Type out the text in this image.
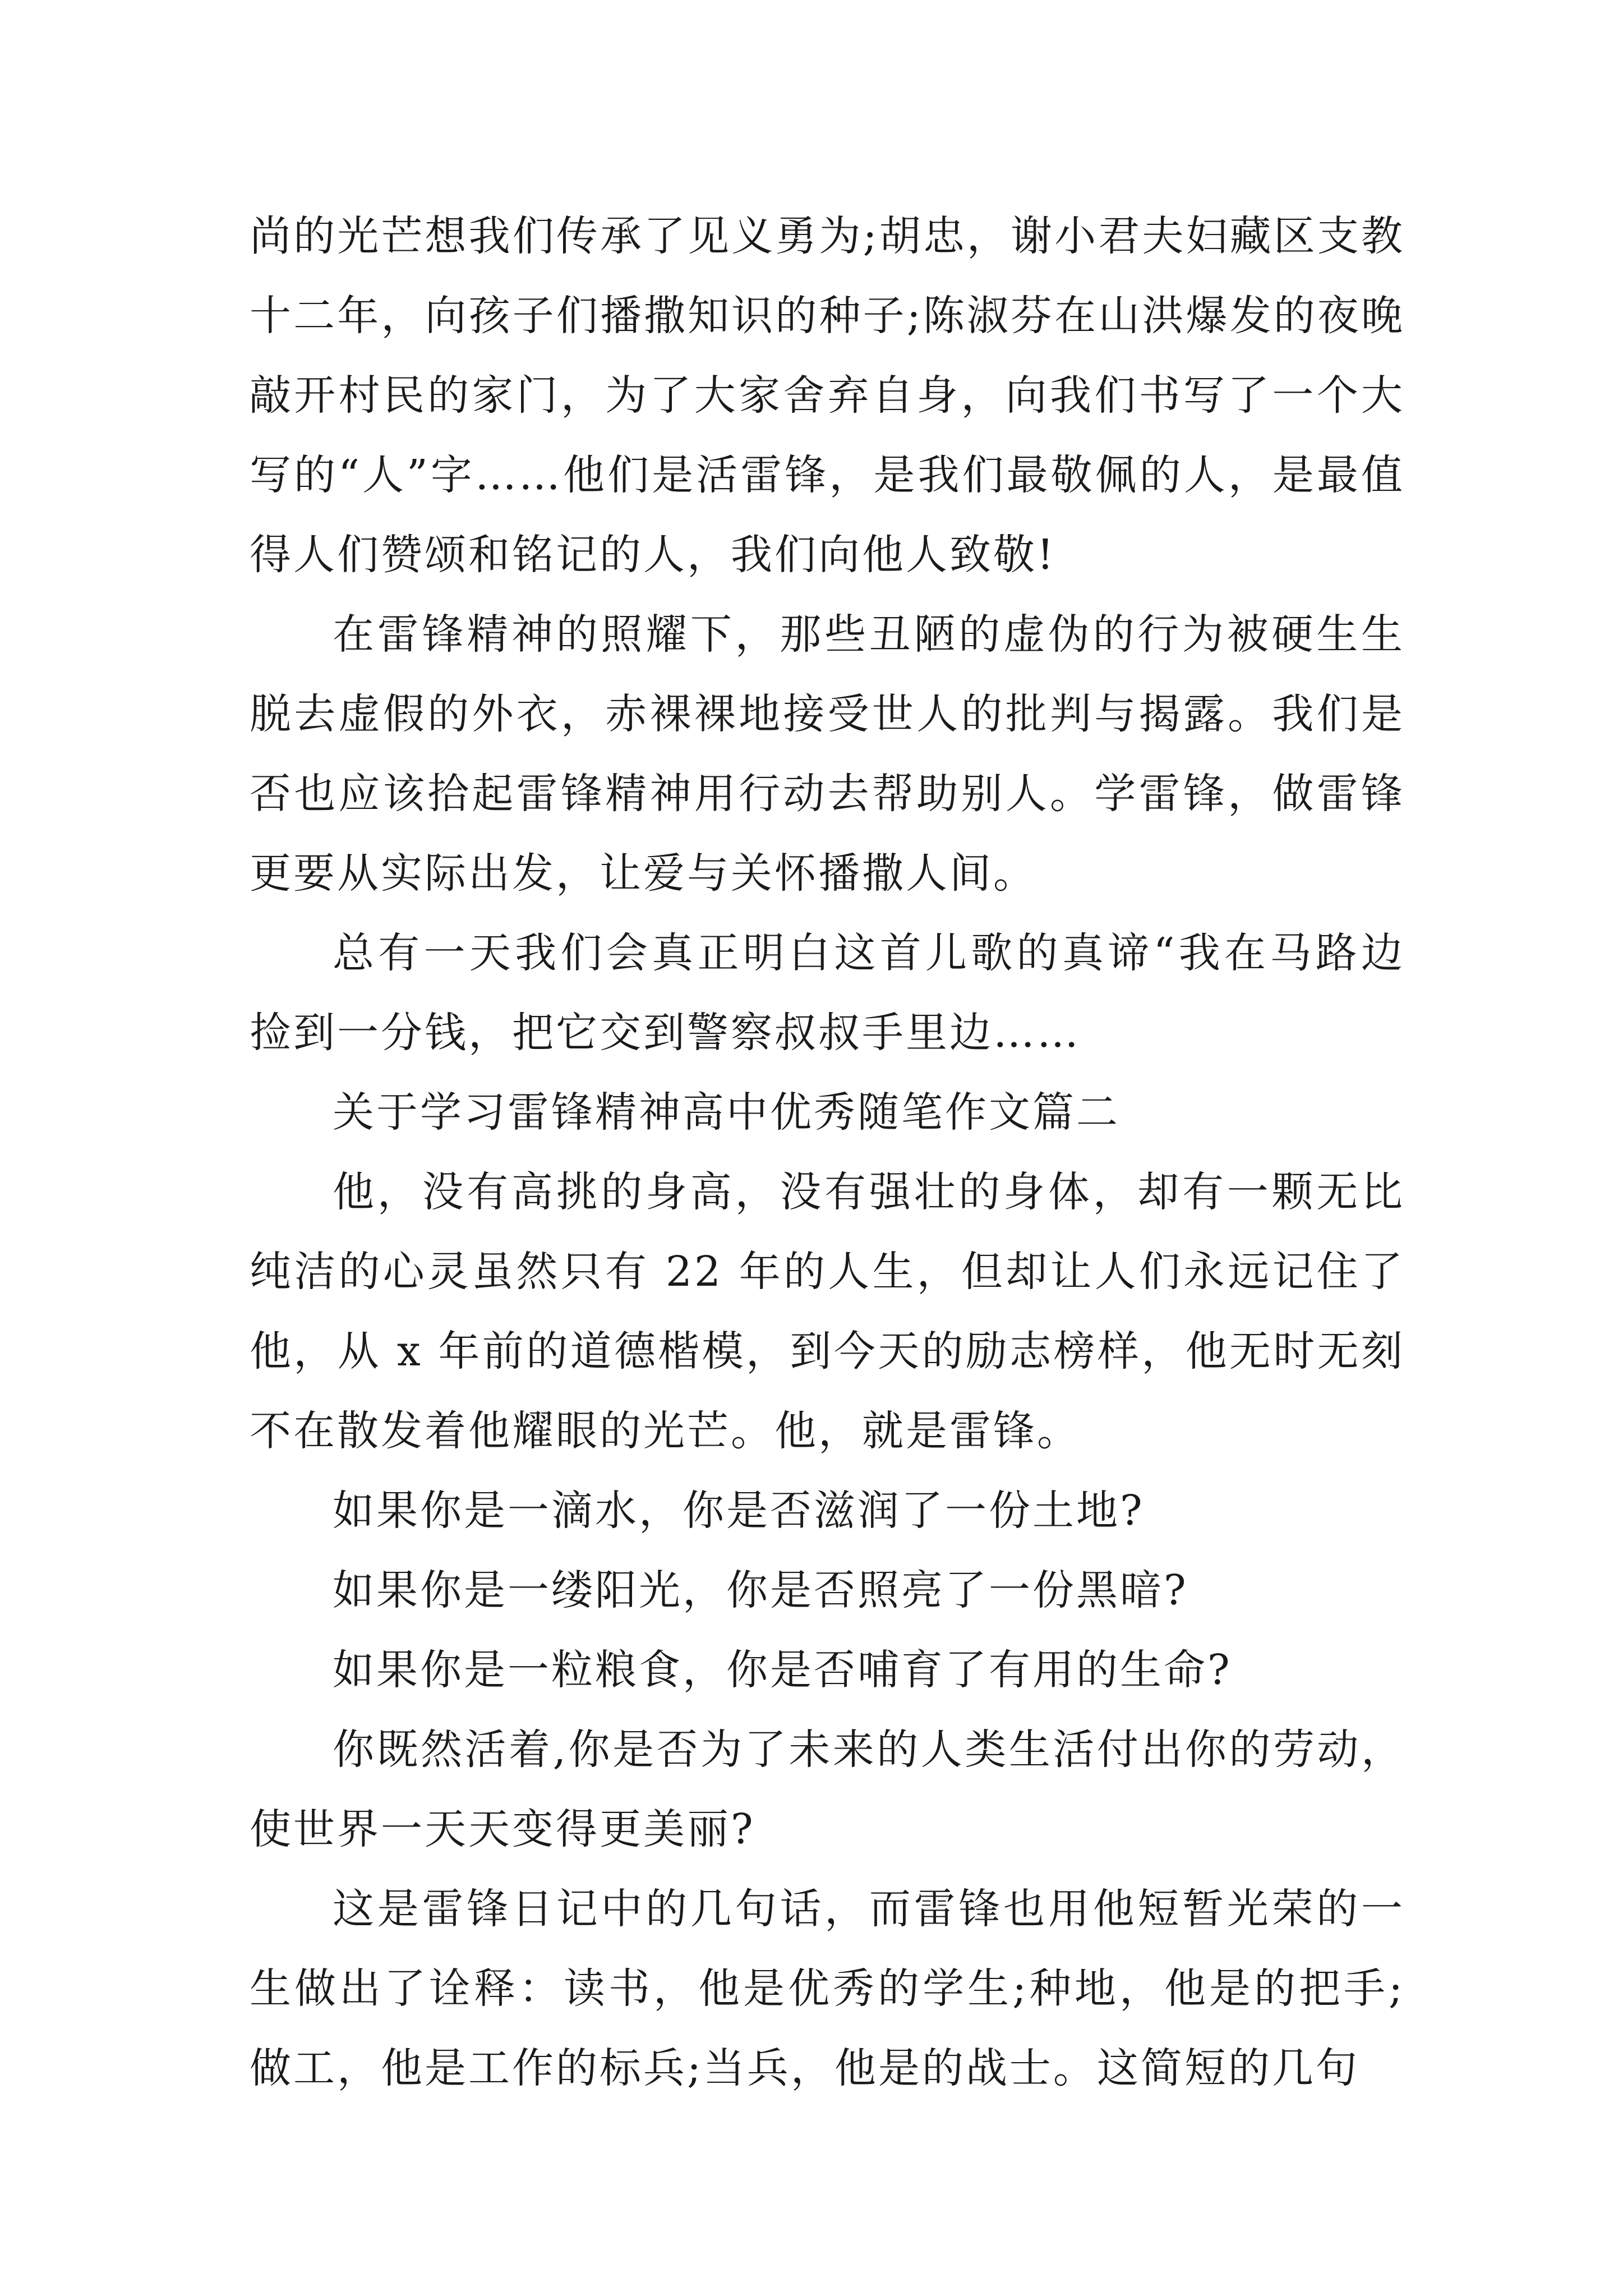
尚的光芒想我们传承了见义勇为;胡忠，谢小君夫妇藏区支教十二年，向孩子们播撒知识的种子;陈淑芬在山洪爆发的夜晚敲开村民的家门，为了大家舍弃自身，向我们书写了一个大写的“人”字……他们是活雷锋，是我们最敬佩的人，是最值得人们赞颂和铭记的人，我们向他人致敬!

在雷锋精神的照耀下，那些丑陋的虚伪的行为被硬生生脱去虚假的外衣，赤裸裸地接受世人的批判与揭露。我们是否也应该拾起雷锋精神用行动去帮助别人。学雷锋，做雷锋更要从实际出发，让爱与关怀播撒人间。

总有一天我们会真正明白这首儿歌的真谛“我在马路边捡到一分钱，把它交到警察叔叔手里边……

关于学习雷锋精神高中优秀随笔作文篇二

他，没有高挑的身高，没有强壮的身体，却有一颗无比纯洁的心灵虽然只有 22 年的人生，但却让人们永远记住了他，从 x 年前的道德楷模，到今天的励志榜样，他无时无刻不在散发着他耀眼的光芒。他，就是雷锋。

如果你是一滴水，你是否滋润了一份土地?

如果你是一缕阳光，你是否照亮了一份黑暗?

如果你是一粒粮食，你是否哺育了有用的生命?

你既然活着,你是否为了未来的人类生活付出你的劳动，使世界一天天变得更美丽?

这是雷锋日记中的几句话，而雷锋也用他短暂光荣的一生做出了诠释：读书，他是优秀的学生;种地，他是的把手;做工，他是工作的标兵;当兵，他是的战士。这简短的几句
